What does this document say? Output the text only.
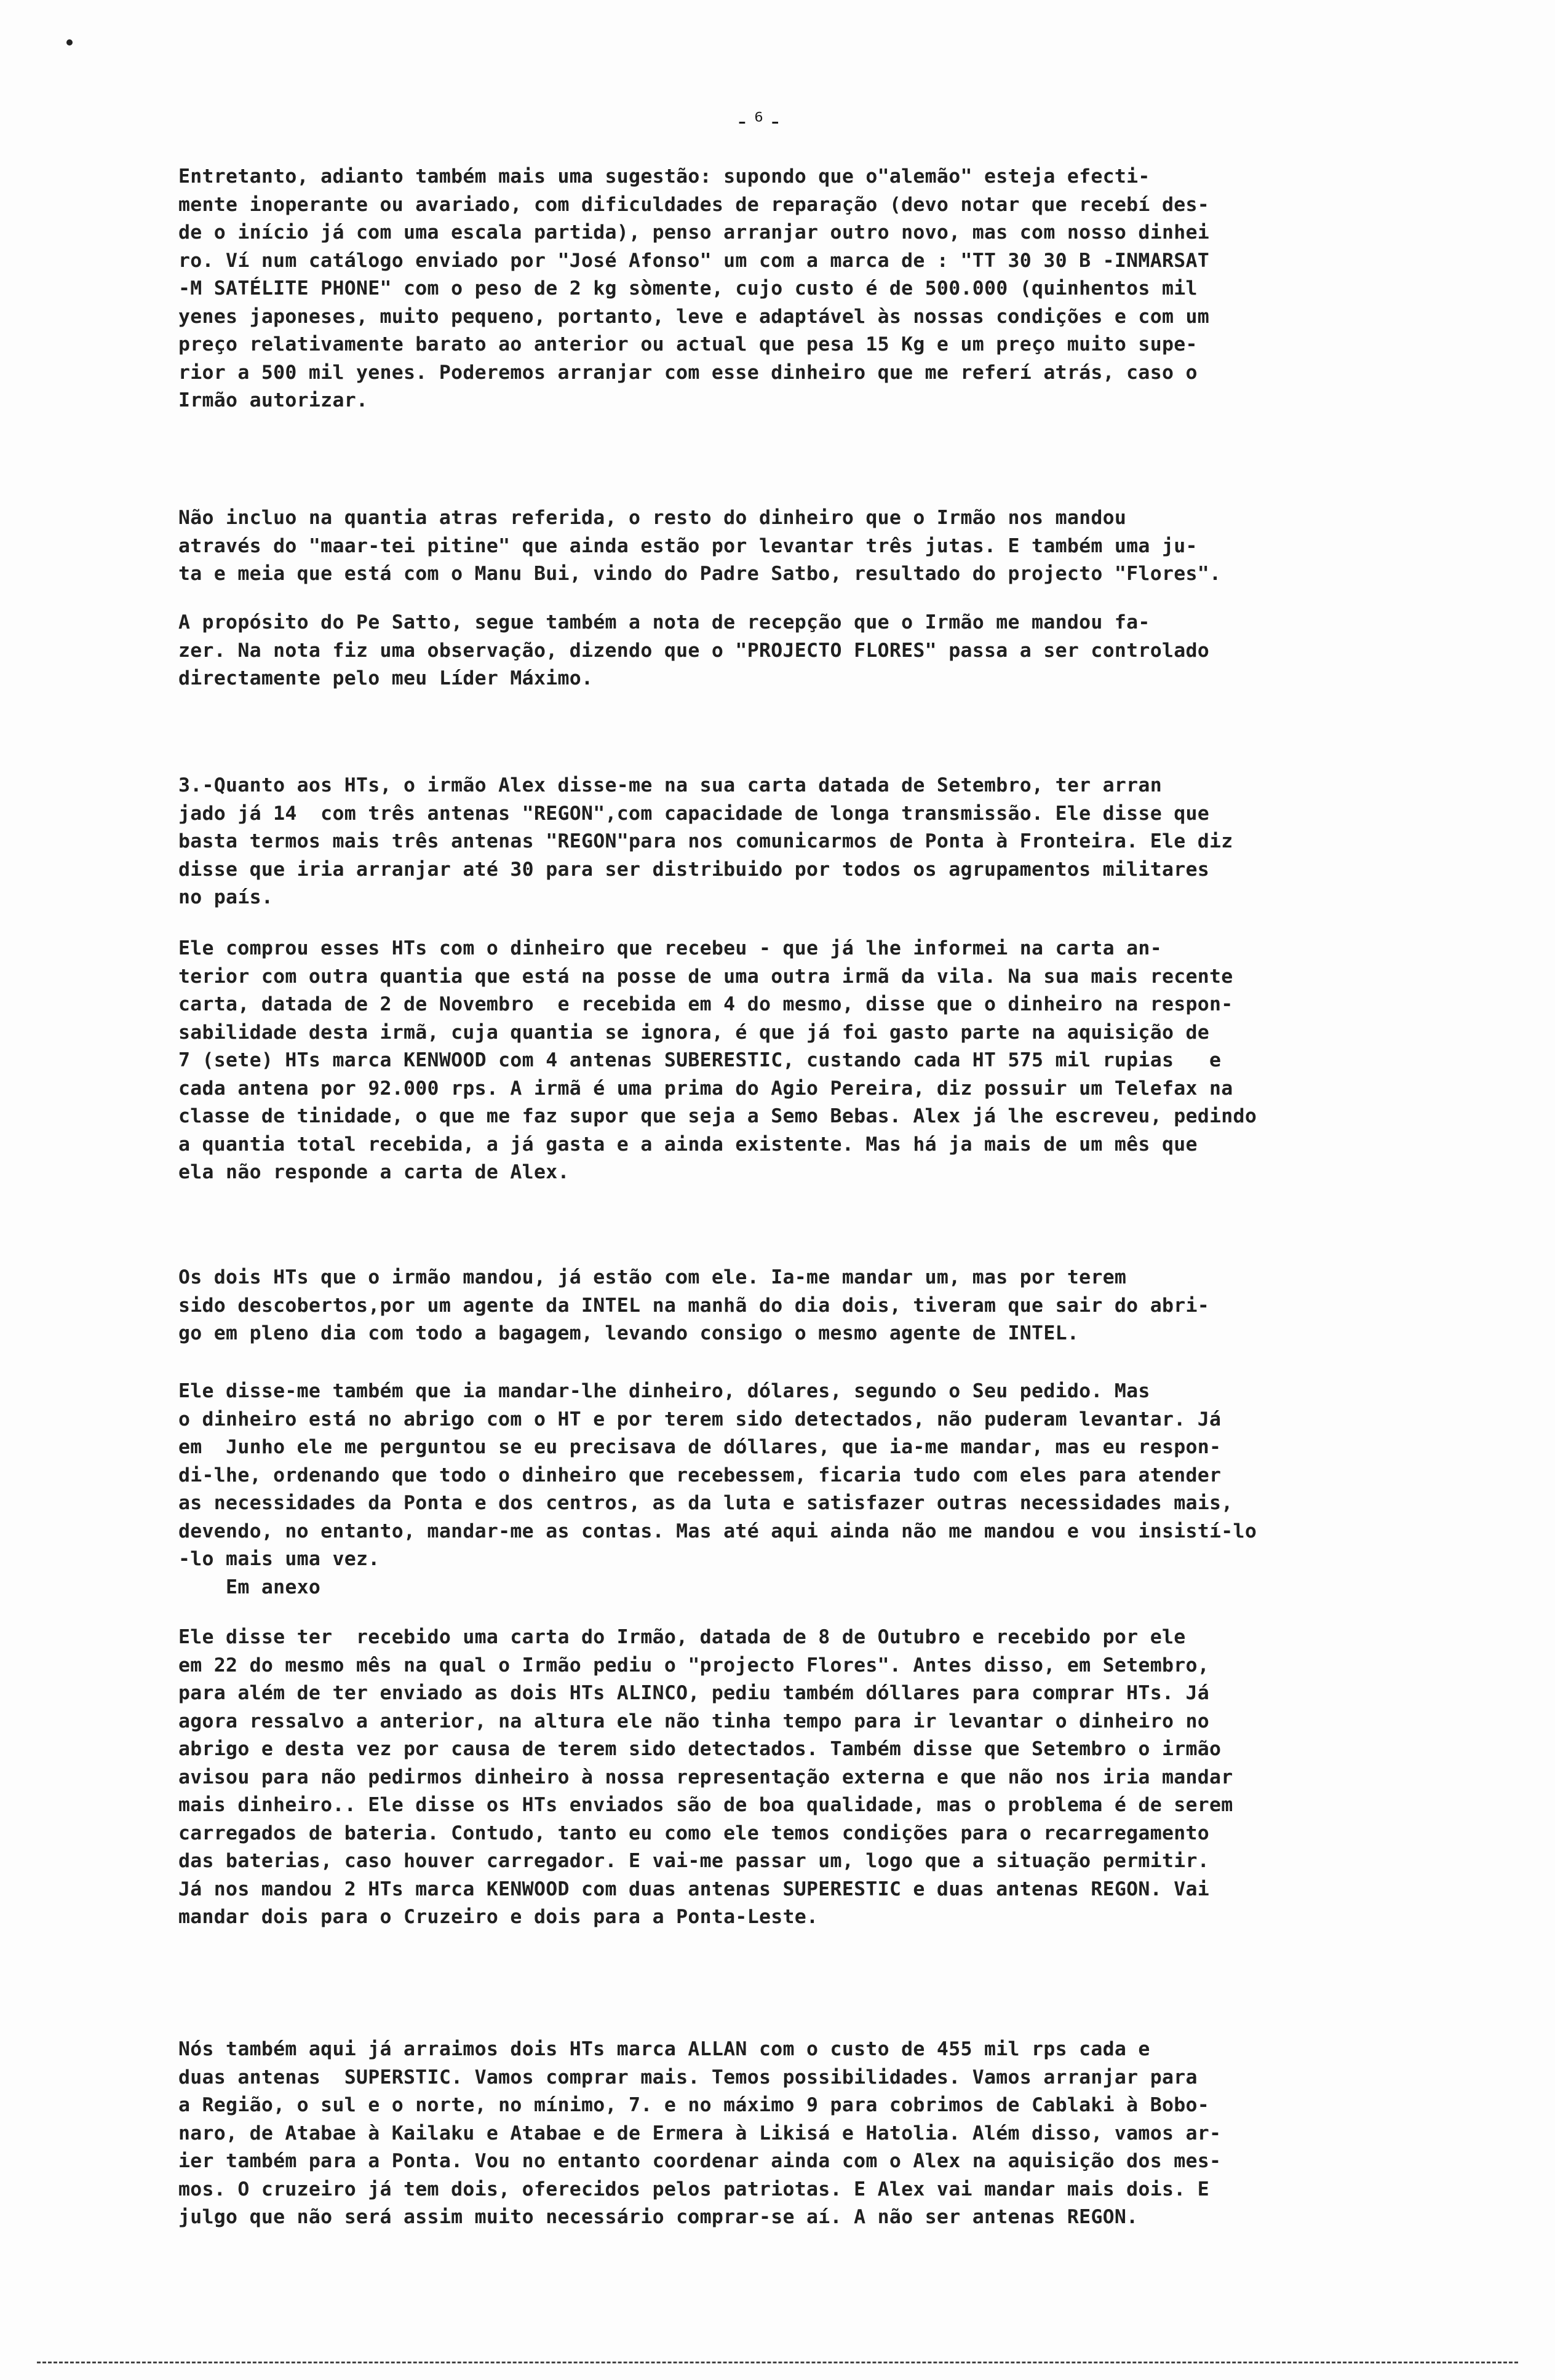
-⁶-
Entretanto, adianto também mais uma sugestão: supondo que o"alemão" esteja efecti-
mente inoperante ou avariado, com dificuldades de reparação (devo notar que recebí des-
de o início já com uma escala partida), penso arranjar outro novo, mas com nosso dinhei
ro. Ví num catálogo enviado por "José Afonso" um com a marca de : "TT 30 30 B -INMARSAT
-M SATÉLITE PHONE" com o peso de 2 kg sòmente, cujo custo é de 500.000 (quinhentos mil
yenes japoneses, muito pequeno, portanto, leve e adaptável às nossas condições e com um
preço relativamente barato ao anterior ou actual que pesa 15 Kg e um preço muito supe-
rior a 500 mil yenes. Poderemos arranjar com esse dinheiro que me referí atrás, caso o
Irmão autorizar.
Não incluo na quantia atras referida, o resto do dinheiro que o Irmão nos mandou
através do "maar-tei pitine" que ainda estão por levantar três jutas. E também uma ju-
ta e meia que está com o Manu Bui, vindo do Padre Satbo, resultado do projecto "Flores".
A propósito do Pe Satto, segue também a nota de recepção que o Irmão me mandou fa-
zer. Na nota fiz uma observação, dizendo que o "PROJECTO FLORES" passa a ser controlado
directamente pelo meu Líder Máximo.
3.-Quanto aos HTs, o irmão Alex disse-me na sua carta datada de Setembro, ter arran
jado já 14  com três antenas "REGON",com capacidade de longa transmissão. Ele disse que
basta termos mais três antenas "REGON"para nos comunicarmos de Ponta à Fronteira. Ele diz
disse que iria arranjar até 30 para ser distribuido por todos os agrupamentos militares
no país.
Ele comprou esses HTs com o dinheiro que recebeu - que já lhe informei na carta an-
terior com outra quantia que está na posse de uma outra irmã da vila. Na sua mais recente
carta, datada de 2 de Novembro  e recebida em 4 do mesmo, disse que o dinheiro na respon-
sabilidade desta irmã, cuja quantia se ignora, é que já foi gasto parte na aquisição de
7 (sete) HTs marca KENWOOD com 4 antenas SUBERESTIC, custando cada HT 575 mil rupias   e
cada antena por 92.000 rps. A irmã é uma prima do Agio Pereira, diz possuir um Telefax na
classe de tinidade, o que me faz supor que seja a Semo Bebas. Alex já lhe escreveu, pedindo
a quantia total recebida, a já gasta e a ainda existente. Mas há ja mais de um mês que
ela não responde a carta de Alex.
Os dois HTs que o irmão mandou, já estão com ele. Ia-me mandar um, mas por terem
sido descobertos,por um agente da INTEL na manhã do dia dois, tiveram que sair do abri-
go em pleno dia com todo a bagagem, levando consigo o mesmo agente de INTEL.
Ele disse-me também que ia mandar-lhe dinheiro, dólares, segundo o Seu pedido. Mas
o dinheiro está no abrigo com o HT e por terem sido detectados, não puderam levantar. Já
em  Junho ele me perguntou se eu precisava de dóllares, que ia-me mandar, mas eu respon-
di-lhe, ordenando que todo o dinheiro que recebessem, ficaria tudo com eles para atender
as necessidades da Ponta e dos centros, as da luta e satisfazer outras necessidades mais,
devendo, no entanto, mandar-me as contas. Mas até aqui ainda não me mandou e vou insistí-lo
-lo mais uma vez.
Em anexo
Ele disse ter  recebido uma carta do Irmão, datada de 8 de Outubro e recebido por ele
em 22 do mesmo mês na qual o Irmão pediu o "projecto Flores". Antes disso, em Setembro,
para além de ter enviado as dois HTs ALINCO, pediu também dóllares para comprar HTs. Já
agora ressalvo a anterior, na altura ele não tinha tempo para ir levantar o dinheiro no
abrigo e desta vez por causa de terem sido detectados. Também disse que Setembro o irmão
avisou para não pedirmos dinheiro à nossa representação externa e que não nos iria mandar
mais dinheiro.. Ele disse os HTs enviados são de boa qualidade, mas o problema é de serem
carregados de bateria. Contudo, tanto eu como ele temos condições para o recarregamento
das baterias, caso houver carregador. E vai-me passar um, logo que a situação permitir.
Já nos mandou 2 HTs marca KENWOOD com duas antenas SUPERESTIC e duas antenas REGON. Vai
mandar dois para o Cruzeiro e dois para a Ponta-Leste.
Nós também aqui já arraimos dois HTs marca ALLAN com o custo de 455 mil rps cada e
duas antenas  SUPERSTIC. Vamos comprar mais. Temos possibilidades. Vamos arranjar para
a Região, o sul e o norte, no mínimo, 7. e no máximo 9 para cobrimos de Cablaki à Bobo-
naro, de Atabae à Kailaku e Atabae e de Ermera à Likisá e Hatolia. Além disso, vamos ar-
ier também para a Ponta. Vou no entanto coordenar ainda com o Alex na aquisição dos mes-
mos. O cruzeiro já tem dois, oferecidos pelos patriotas. E Alex vai mandar mais dois. E
julgo que não será assim muito necessário comprar-se aí. A não ser antenas REGON.
